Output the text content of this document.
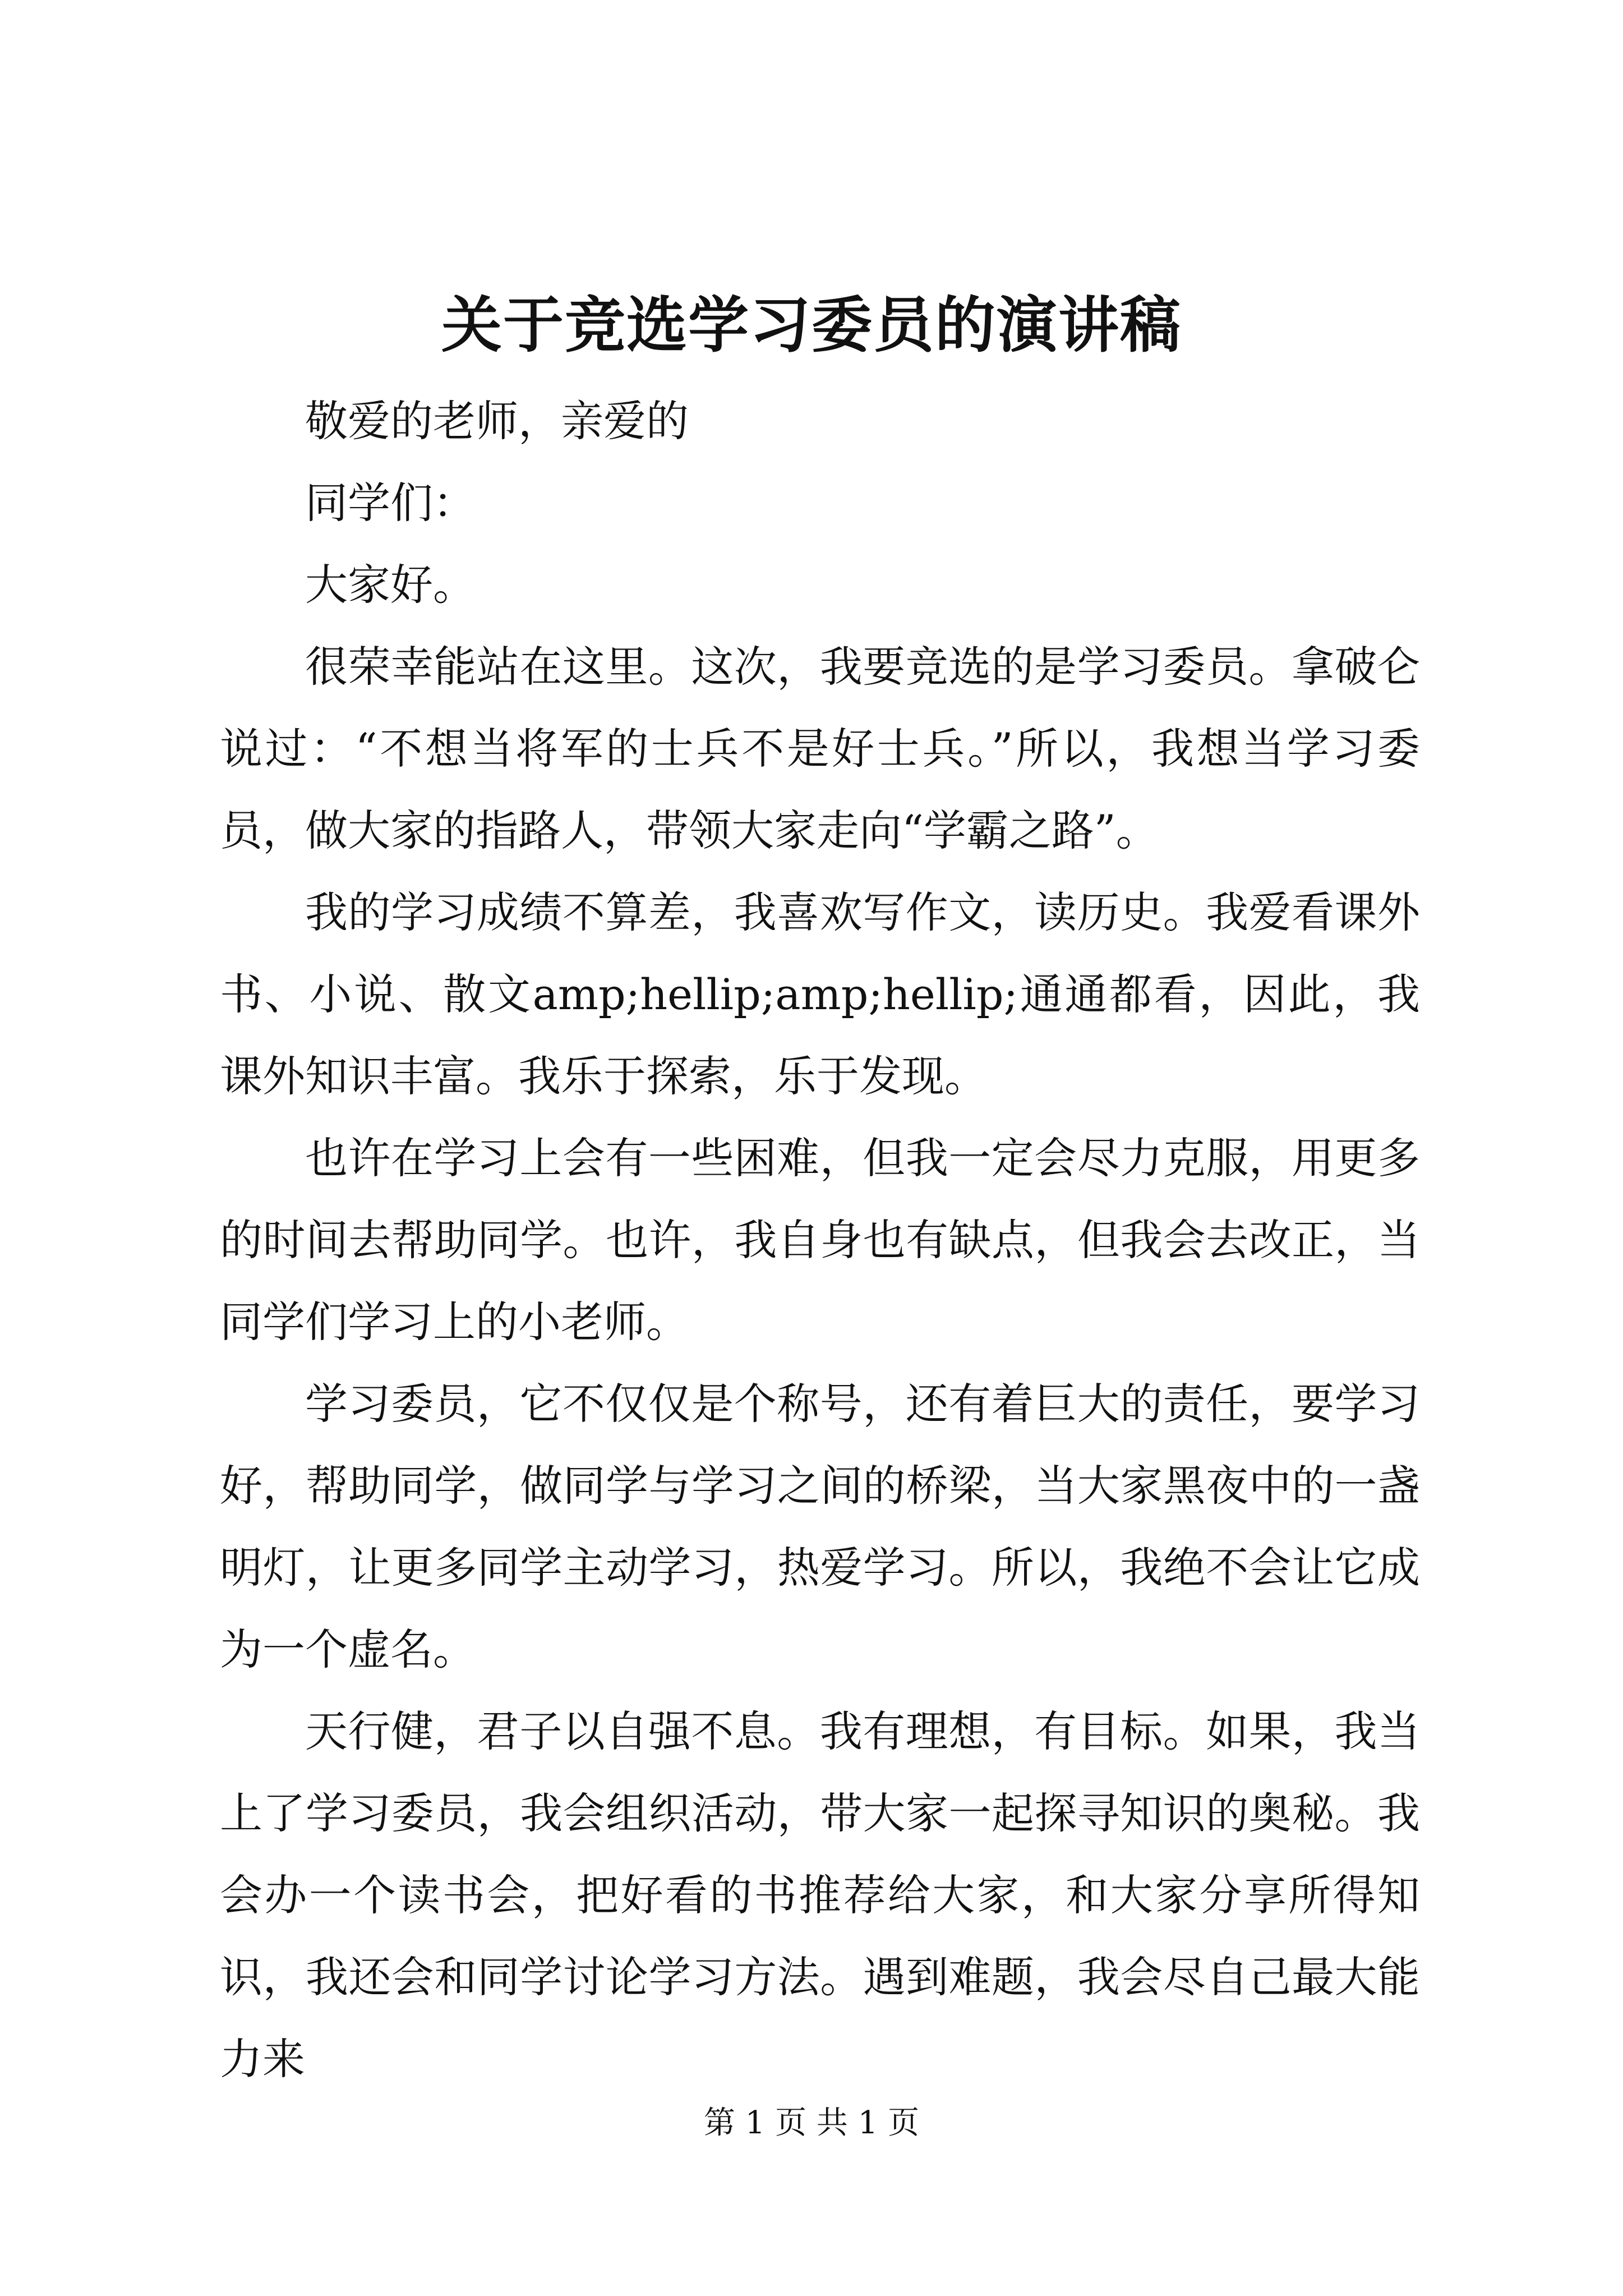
关于竞选学习委员的演讲稿

敬爱的老师，亲爱的

同学们：

大家好。

很荣幸能站在这里。这次，我要竞选的是学习委员。拿破仑说过：“不想当将军的士兵不是好士兵。”所以，我想当学习委员，做大家的指路人，带领大家走向“学霸之路”。

我的学习成绩不算差，我喜欢写作文，读历史。我爱看课外书、小说、散文amp;hellip;amp;hellip;通通都看，因此，我课外知识丰富。我乐于探索，乐于发现。

也许在学习上会有一些困难，但我一定会尽力克服，用更多的时间去帮助同学。也许，我自身也有缺点，但我会去改正，当同学们学习上的小老师。

学习委员，它不仅仅是个称号，还有着巨大的责任，要学习好，帮助同学，做同学与学习之间的桥梁，当大家黑夜中的一盏明灯，让更多同学主动学习，热爱学习。所以，我绝不会让它成为一个虚名。

天行健，君子以自强不息。我有理想，有目标。如果，我当上了学习委员，我会组织活动，带大家一起探寻知识的奥秘。我会办一个读书会，把好看的书推荐给大家，和大家分享所得知识，我还会和同学讨论学习方法。遇到难题，我会尽自己最大能力来

第 1 页 共 1 页
